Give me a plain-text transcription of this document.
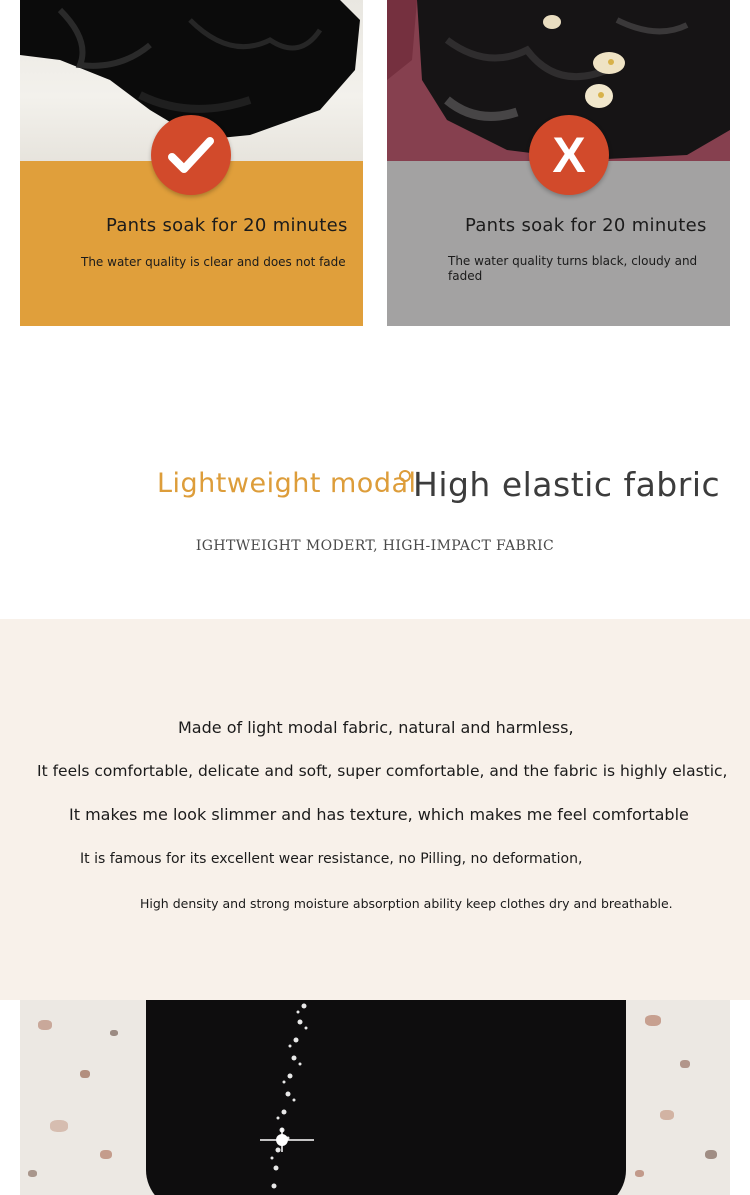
X
Pants soak for 20 minutes
The water quality is clear and does not fade
Pants soak for 20 minutes
The water quality turns black, cloudy and faded
Lightweight modal
High elastic fabric
IGHTWEIGHT MODERT, HIGH-IMPACT FABRIC
Made of light modal fabric, natural and harmless,
It feels comfortable, delicate and soft, super comfortable, and the fabric is highly elastic,
It makes me look slimmer and has texture, which makes me feel comfortable
It is famous for its excellent wear resistance, no Pilling, no deformation,
High density and strong moisture absorption ability keep clothes dry and breathable.
